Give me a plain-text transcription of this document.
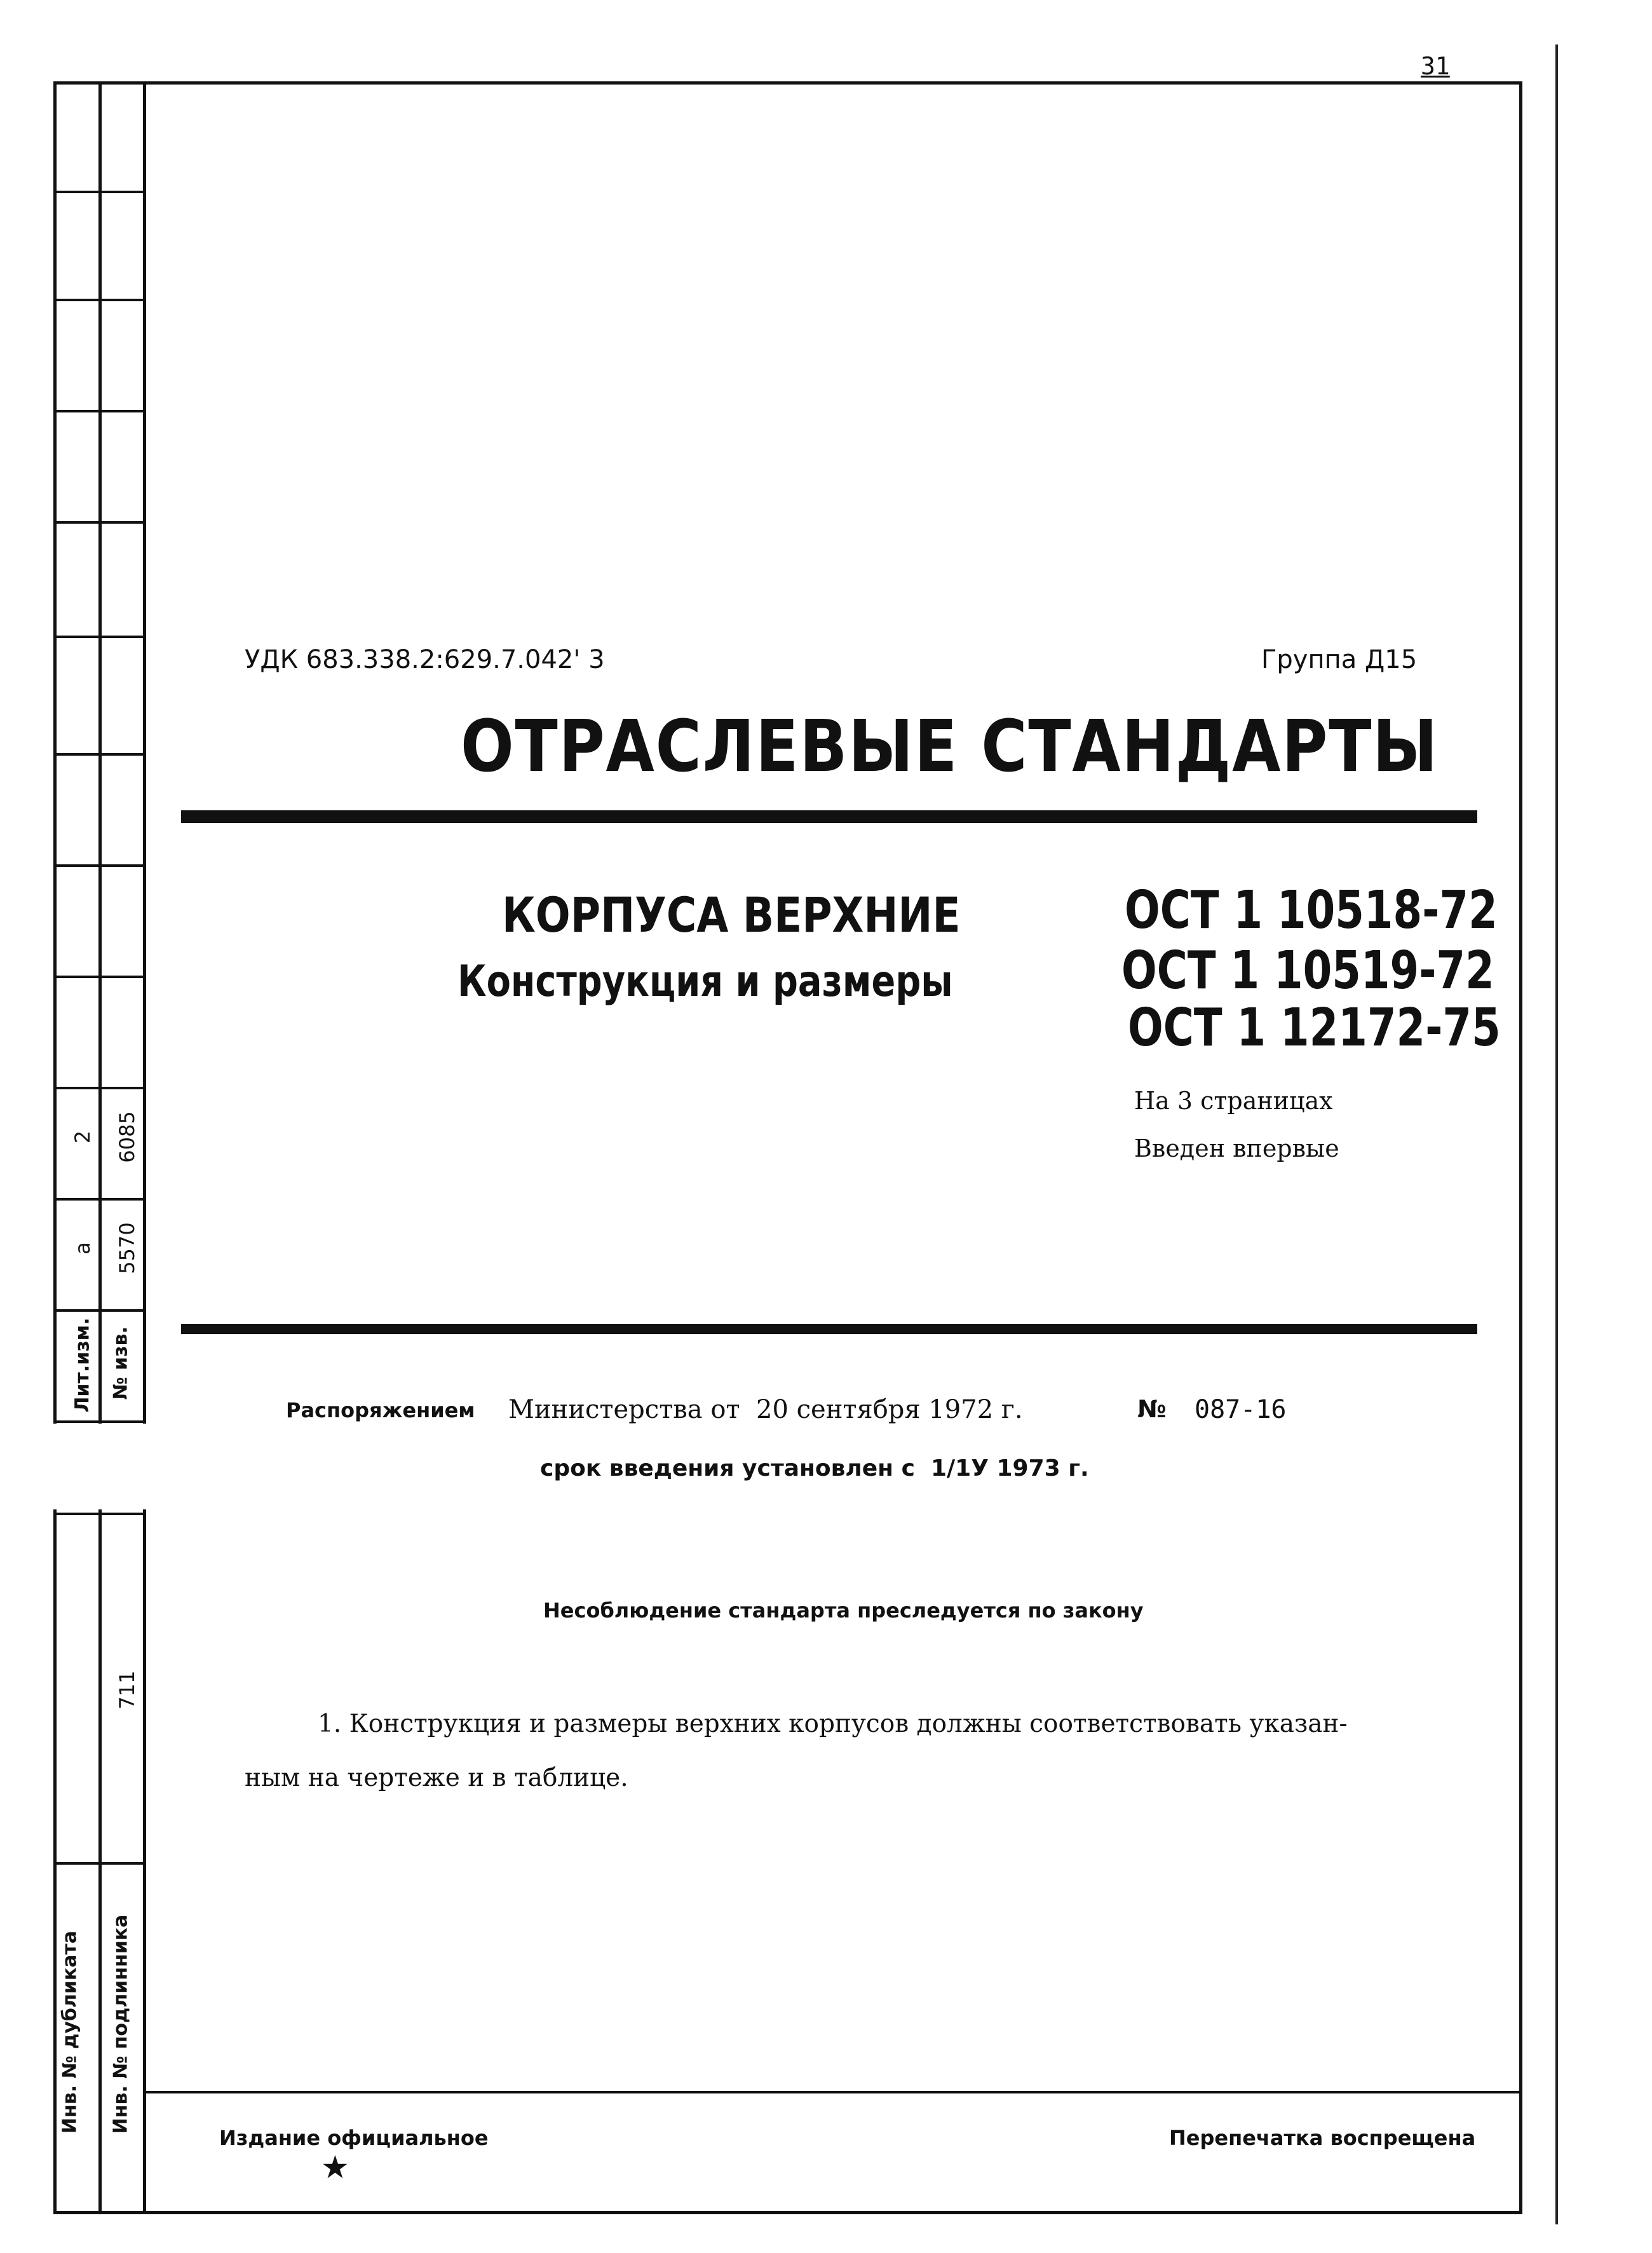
31
2 6085
а 5570
Лит.изм. № изв.
711
Инв. № дубликата Инв. № подлинника
УДК 683.338.2:629.7.042' 3	Группа Д15
ОТРАСЛЕВЫЕ СТАНДАРТЫ
КОРПУСА ВЕРХНИЕ
Конструкция и размеры
ОСТ 1 10518-72
ОСТ 1 10519-72
ОСТ 1 12172-75
На 3 страницах
Введен впервые
Распоряжением Министерства от  20 сентября 1972 г.	№ 087-16
срок введения установлен с  1/1У 1973 г.
Несоблюдение стандарта преследуется по закону
1. Конструкция и размеры верхних корпусов должны соответствовать указан-
ным на чертеже и в таблице.
Издание официальное
★
Перепечатка воспрещена
